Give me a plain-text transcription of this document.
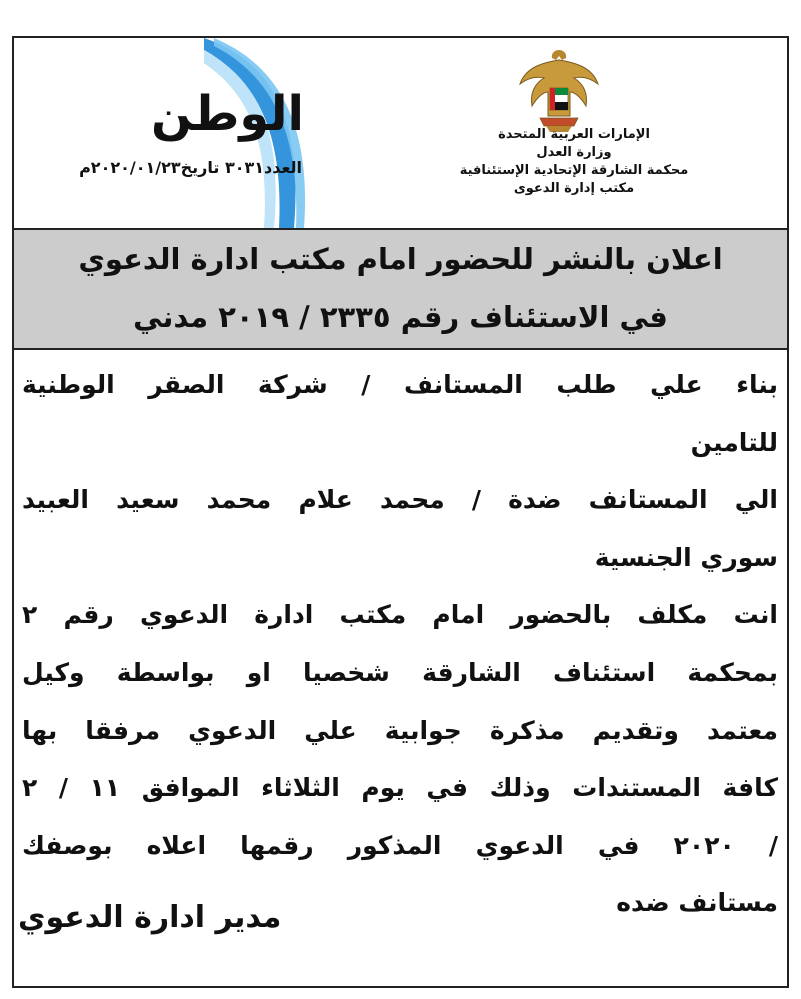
الوطن
العدد٣٠٣١ تاريخ٢٠٢٠/٠١/٢٣م
الإمارات العربية المتحدة
وزارة العدل
محكمة الشارقة الإتحادية الإستئنافية
مكتب إدارة الدعوى
اعلان بالنشر للحضور امام مكتب ادارة الدعوي
في الاستئناف رقم ٢٣٣٥ / ٢٠١٩ مدني
بناء علي طلب المستانف / شركة الصقر الوطنية
للتامين
الي المستانف ضدة / محمد علام محمد سعيد العبيد
سوري الجنسية
انت مكلف بالحضور امام مكتب ادارة الدعوي رقم ٢
بمحكمة استئناف الشارقة شخصيا او بواسطة وكيل
معتمد وتقديم مذكرة جوابية علي الدعوي مرفقا بها
كافة المستندات وذلك في يوم الثلاثاء الموافق ١١ / ٢
/ ٢٠٢٠ في الدعوي المذكور رقمها اعلاه بوصفك
مستانف ضده
مدير ادارة الدعوي
